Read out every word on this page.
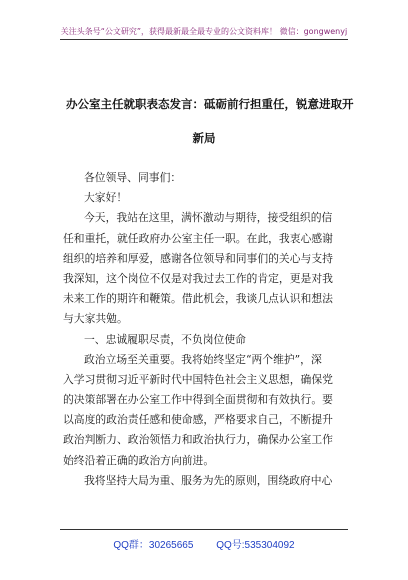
关注头条号“公文研究”，获得最新最全最专业的公文资料库！ 微信：gongwenyj
办公室主任就职表态发言：砥砺前行担重任，锐意进取开
新局
各位领导、同事们：
大家好！
今天，我站在这里，满怀激动与期待，接受组织的信
任和重托，就任政府办公室主任一职。在此，我衷心感谢
组织的培养和厚爱，感谢各位领导和同事们的关心与支持
我深知，这个岗位不仅是对我过去工作的肯定，更是对我
未来工作的期许和鞭策。借此机会，我谈几点认识和想法
与大家共勉。
一、忠诚履职尽责，不负岗位使命
政治立场至关重要。我将始终坚定“两个维护”，深
入学习贯彻习近平新时代中国特色社会主义思想，确保党
的决策部署在办公室工作中得到全面贯彻和有效执行。要
以高度的政治责任感和使命感，严格要求自己，不断提升
政治判断力、政治领悟力和政治执行力，确保办公室工作
始终沿着正确的政治方向前进。
我将坚持大局为重、服务为先的原则，围绕政府中心
QQ群：30265665 QQ号:535304092
